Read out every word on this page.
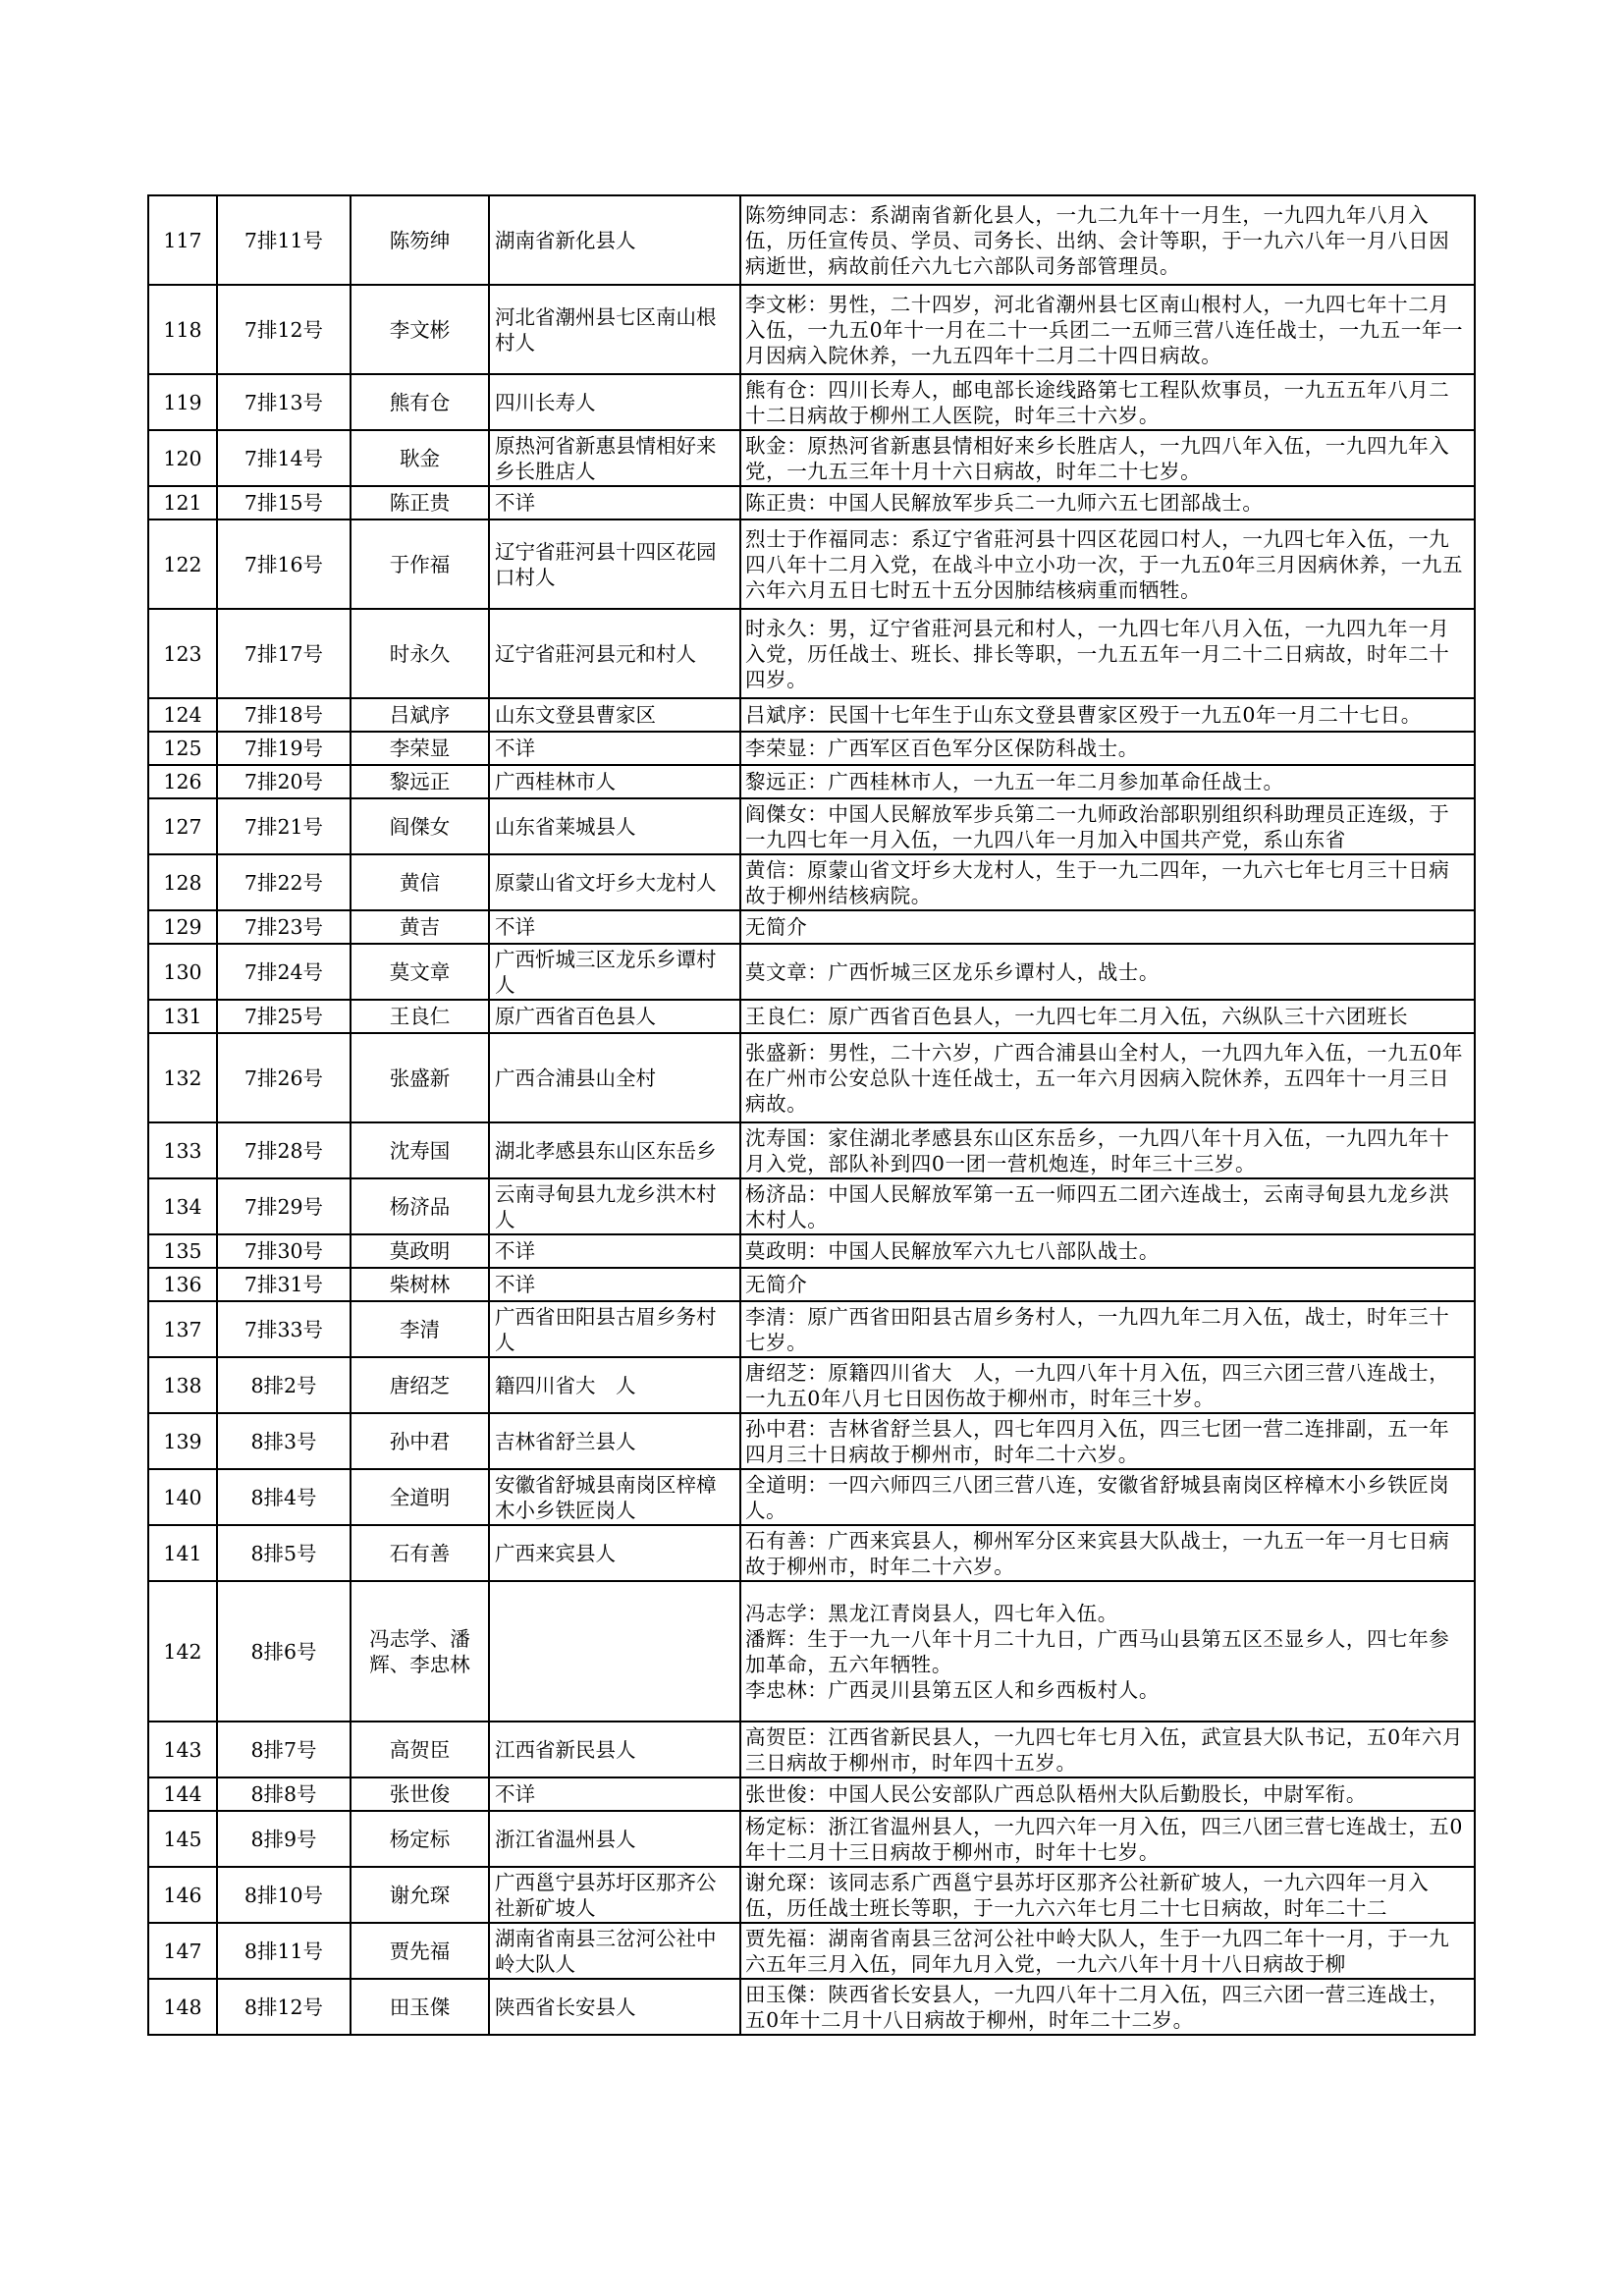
117	7排11号	陈笏绅	湖南省新化县人	陈笏绅同志：系湖南省新化县人，一九二九年十一月生，一九四九年八月入伍，历任宣传员、学员、司务长、出纳、会计等职，于一九六八年一月八日因病逝世，病故前任六九七六部队司务部管理员。

118	7排12号	李文彬	河北省潮州县七区南山根村人	李文彬：男性，二十四岁，河北省潮州县七区南山根村人，一九四七年十二月入伍，一九五0年十一月在二十一兵团二一五师三营八连任战士，一九五一年一月因病入院休养，一九五四年十二月二十四日病故。

119	7排13号	熊有仓	四川长寿人	熊有仓：四川长寿人，邮电部长途线路第七工程队炊事员，一九五五年八月二十二日病故于柳州工人医院，时年三十六岁。

120	7排14号	耿金	原热河省新惠县情相好来乡长胜店人	耿金：原热河省新惠县情相好来乡长胜店人，一九四八年入伍，一九四九年入党，一九五三年十月十六日病故，时年二十七岁。

121	7排15号	陈正贵	不详	陈正贵：中国人民解放军步兵二一九师六五七团部战士。

122	7排16号	于作福	辽宁省莊河县十四区花园口村人	烈士于作福同志：系辽宁省莊河县十四区花园口村人，一九四七年入伍，一九四八年十二月入党，在战斗中立小功一次，于一九五0年三月因病休养，一九五六年六月五日七时五十五分因肺结核病重而牺牲。

123	7排17号	时永久	辽宁省莊河县元和村人	时永久：男，辽宁省莊河县元和村人，一九四七年八月入伍，一九四九年一月入党，历任战士、班长、排长等职，一九五五年一月二十二日病故，时年二十四岁。

124	7排18号	吕斌序	山东文登县曹家区	吕斌序：民国十七年生于山东文登县曹家区殁于一九五0年一月二十七日。

125	7排19号	李荣显	不详	李荣显：广西军区百色军分区保防科战士。

126	7排20号	黎远正	广西桂林市人	黎远正：广西桂林市人，一九五一年二月参加革命任战士。

127	7排21号	阎傑女	山东省莱城县人	阎傑女：中国人民解放军步兵第二一九师政治部职别组织科助理员正连级，于一九四七年一月入伍，一九四八年一月加入中国共产党，系山东省

128	7排22号	黄信	原蒙山省文圩乡大龙村人	黄信：原蒙山省文圩乡大龙村人，生于一九二四年，一九六七年七月三十日病故于柳州结核病院。

129	7排23号	黄吉	不详	无简介

130	7排24号	莫文章	广西忻城三区龙乐乡谭村人	莫文章：广西忻城三区龙乐乡谭村人，战士。

131	7排25号	王良仁	原广西省百色县人	王良仁：原广西省百色县人，一九四七年二月入伍，六纵队三十六团班长

132	7排26号	张盛新	广西合浦县山全村	张盛新：男性，二十六岁，广西合浦县山全村人，一九四九年入伍，一九五0年在广州市公安总队十连任战士，五一年六月因病入院休养，五四年十一月三日病故。

133	7排28号	沈寿国	湖北孝感县东山区东岳乡	沈寿国：家住湖北孝感县东山区东岳乡，一九四八年十月入伍，一九四九年十月入党，部队补到四0一团一营机炮连，时年三十三岁。

134	7排29号	杨济品	云南寻甸县九龙乡洪木村人	杨济品：中国人民解放军第一五一师四五二团六连战士，云南寻甸县九龙乡洪木村人。

135	7排30号	莫政明	不详	莫政明：中国人民解放军六九七八部队战士。

136	7排31号	柴树林	不详	无简介

137	7排33号	李清	广西省田阳县古眉乡务村人	李清：原广西省田阳县古眉乡务村人，一九四九年二月入伍，战士，时年三十七岁。

138	8排2号	唐绍芝	籍四川省大　人	唐绍芝：原籍四川省大　人，一九四八年十月入伍，四三六团三营八连战士，一九五0年八月七日因伤故于柳州市，时年三十岁。

139	8排3号	孙中君	吉林省舒兰县人	孙中君：吉林省舒兰县人，四七年四月入伍，四三七团一营二连排副，五一年四月三十日病故于柳州市，时年二十六岁。

140	8排4号	全道明	安徽省舒城县南岗区梓樟木小乡铁匠岗人	全道明：一四六师四三八团三营八连，安徽省舒城县南岗区梓樟木小乡铁匠岗人。

141	8排5号	石有善	广西来宾县人	石有善：广西来宾县人，柳州军分区来宾县大队战士，一九五一年一月七日病故于柳州市，时年二十六岁。

142	8排6号	冯志学、潘辉、李忠林		冯志学：黑龙江青岗县人，四七年入伍。
潘辉：生于一九一八年十月二十九日，广西马山县第五区丕显乡人，四七年参加革命，五六年牺牲。
李忠林：广西灵川县第五区人和乡西板村人。

143	8排7号	高贺臣	江西省新民县人	高贺臣：江西省新民县人，一九四七年七月入伍，武宣县大队书记，五0年六月三日病故于柳州市，时年四十五岁。

144	8排8号	张世俊	不详	张世俊：中国人民公安部队广西总队梧州大队后勤股长，中尉军衔。

145	8排9号	杨定标	浙江省温州县人	杨定标：浙江省温州县人，一九四六年一月入伍，四三八团三营七连战士，五0年十二月十三日病故于柳州市，时年十七岁。

146	8排10号	谢允琛	广西邕宁县苏圩区那齐公社新矿坡人	谢允琛：该同志系广西邕宁县苏圩区那齐公社新矿坡人，一九六四年一月入伍，历任战士班长等职，于一九六六年七月二十七日病故，时年二十二

147	8排11号	贾先福	湖南省南县三岔河公社中岭大队人	贾先福：湖南省南县三岔河公社中岭大队人，生于一九四二年十一月，于一九六五年三月入伍，同年九月入党，一九六八年十月十八日病故于柳

148	8排12号	田玉傑	陕西省长安县人	田玉傑：陕西省长安县人，一九四八年十二月入伍，四三六团一营三连战士，五0年十二月十八日病故于柳州，时年二十二岁。
